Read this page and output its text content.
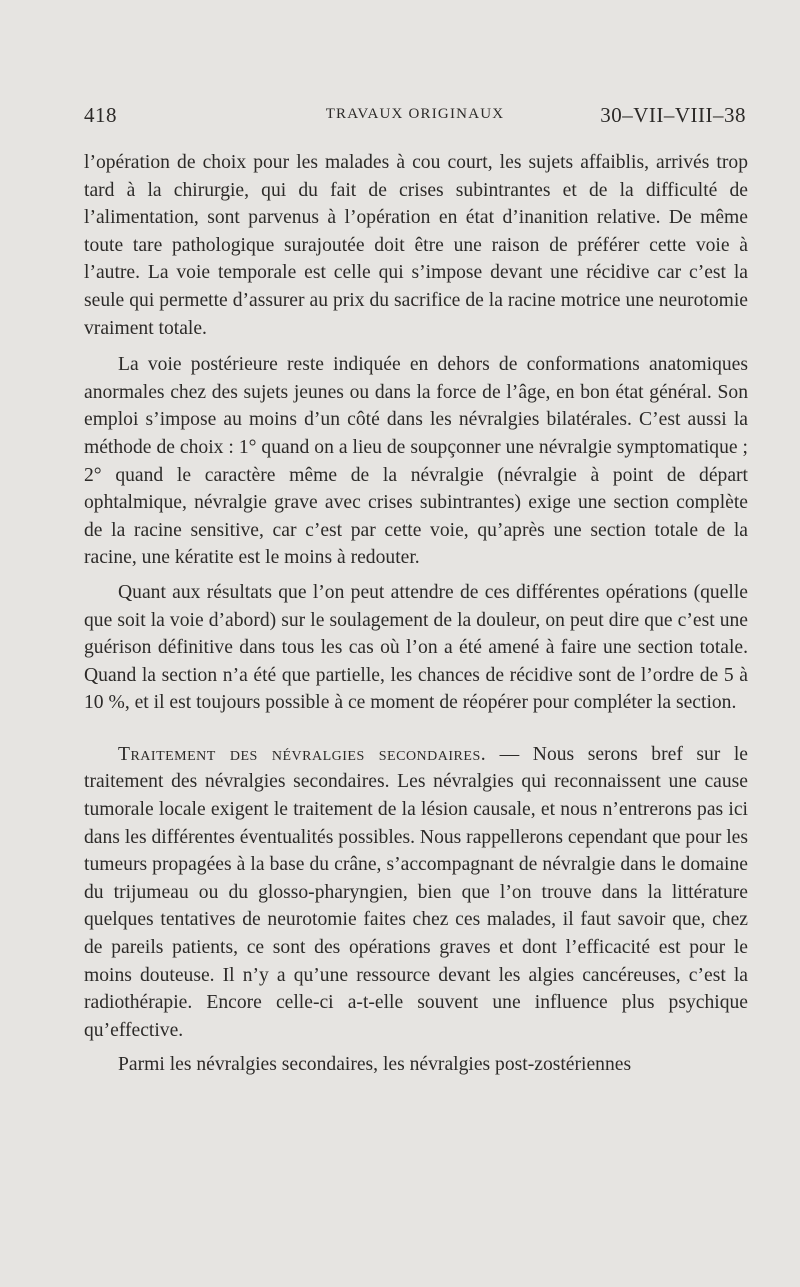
418	TRAVAUX ORIGINAUX	30–VII–VIII–38

l’opération de choix pour les malades à cou court, les sujets affaiblis, arrivés trop tard à la chirurgie, qui du fait de crises subintrantes et de la difficulté de l’alimentation, sont parvenus à l’opération en état d’inanition relative. De même toute tare pathologique surajoutée doit être une raison de préférer cette voie à l’autre. La voie temporale est celle qui s’impose devant une récidive car c’est la seule qui permette d’assurer au prix du sacrifice de la racine motrice une neurotomie vraiment totale.

La voie postérieure reste indiquée en dehors de conformations anatomiques anormales chez des sujets jeunes ou dans la force de l’âge, en bon état général. Son emploi s’impose au moins d’un côté dans les névralgies bilatérales. C’est aussi la méthode de choix : 1° quand on a lieu de soupçonner une névralgie symptomatique ; 2° quand le caractère même de la névralgie (névralgie à point de départ ophtalmique, névralgie grave avec crises subintrantes) exige une section complète de la racine sensitive, car c’est par cette voie, qu’après une section totale de la racine, une kératite est le moins à redouter.

Quant aux résultats que l’on peut attendre de ces différentes opérations (quelle que soit la voie d’abord) sur le soulagement de la douleur, on peut dire que c’est une guérison définitive dans tous les cas où l’on a été amené à faire une section totale. Quand la section n’a été que partielle, les chances de récidive sont de l’ordre de 5 à 10 %, et il est toujours possible à ce moment de réopérer pour compléter la section.

Traitement des névralgies secondaires. — Nous serons bref sur le traitement des névralgies secondaires. Les névralgies qui reconnaissent une cause tumorale locale exigent le traitement de la lésion causale, et nous n’entrerons pas ici dans les différentes éventualités possibles. Nous rappellerons cependant que pour les tumeurs propagées à la base du crâne, s’accompagnant de névralgie dans le domaine du trijumeau ou du glosso-pharyngien, bien que l’on trouve dans la littérature quelques tentatives de neurotomie faites chez ces malades, il faut savoir que, chez de pareils patients, ce sont des opérations graves et dont l’efficacité est pour le moins douteuse. Il n’y a qu’une ressource devant les algies cancéreuses, c’est la radiothérapie. Encore celle-ci a-t-elle souvent une influence plus psychique qu’effective.

Parmi les névralgies secondaires, les névralgies post-zostériennes
